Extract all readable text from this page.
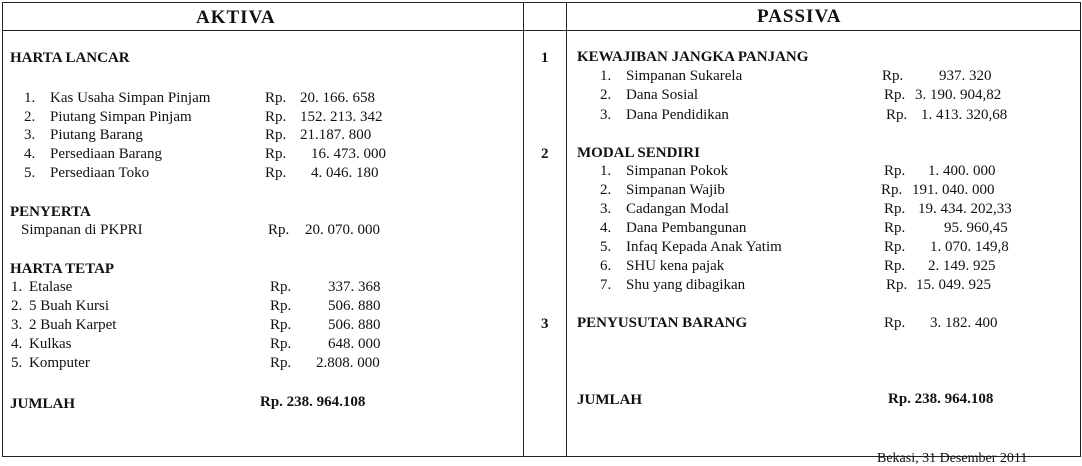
AKTIVA	PASSIVA
HARTA LANCAR
1. Kas Usaha Simpan Pinjam	Rp. 20. 166. 658
2. Piutang Simpan Pinjam	Rp. 152. 213. 342
3. Piutang Barang	Rp. 21.187. 800
4. Persediaan Barang	Rp. 16. 473. 000
5. Persediaan Toko	Rp. 4. 046. 180
PENYERTA
Simpanan di PKPRI	Rp. 20. 070. 000
HARTA TETAP
1. Etalase	Rp. 337. 368
2. 5 Buah Kursi	Rp. 506. 880
3. 2 Buah Karpet	Rp. 506. 880
4. Kulkas	Rp. 648. 000
5. Komputer	Rp. 2.808. 000
JUMLAH	Rp. 238. 964.108
1 KEWAJIBAN JANGKA PANJANG
1. Simpanan Sukarela	Rp. 937. 320
2. Dana Sosial	Rp. 3. 190. 904,82
3. Dana Pendidikan	Rp. 1. 413. 320,68
2 MODAL SENDIRI
1. Simpanan Pokok	Rp. 1. 400. 000
2. Simpanan Wajib	Rp. 191. 040. 000
3. Cadangan Modal	Rp. 19. 434. 202,33
4. Dana Pembangunan	Rp.	95. 960,45
5. Infaq Kepada Anak Yatim	Rp. 1. 070. 149,8
6. SHU kena pajak	Rp. 2. 149. 925
7. Shu yang dibagikan	Rp. 15. 049. 925
3 PENYUSUTAN BARANG	Rp. 3. 182. 400
JUMLAH	Rp. 238. 964.108
Bekasi, 31 Desember 2011
